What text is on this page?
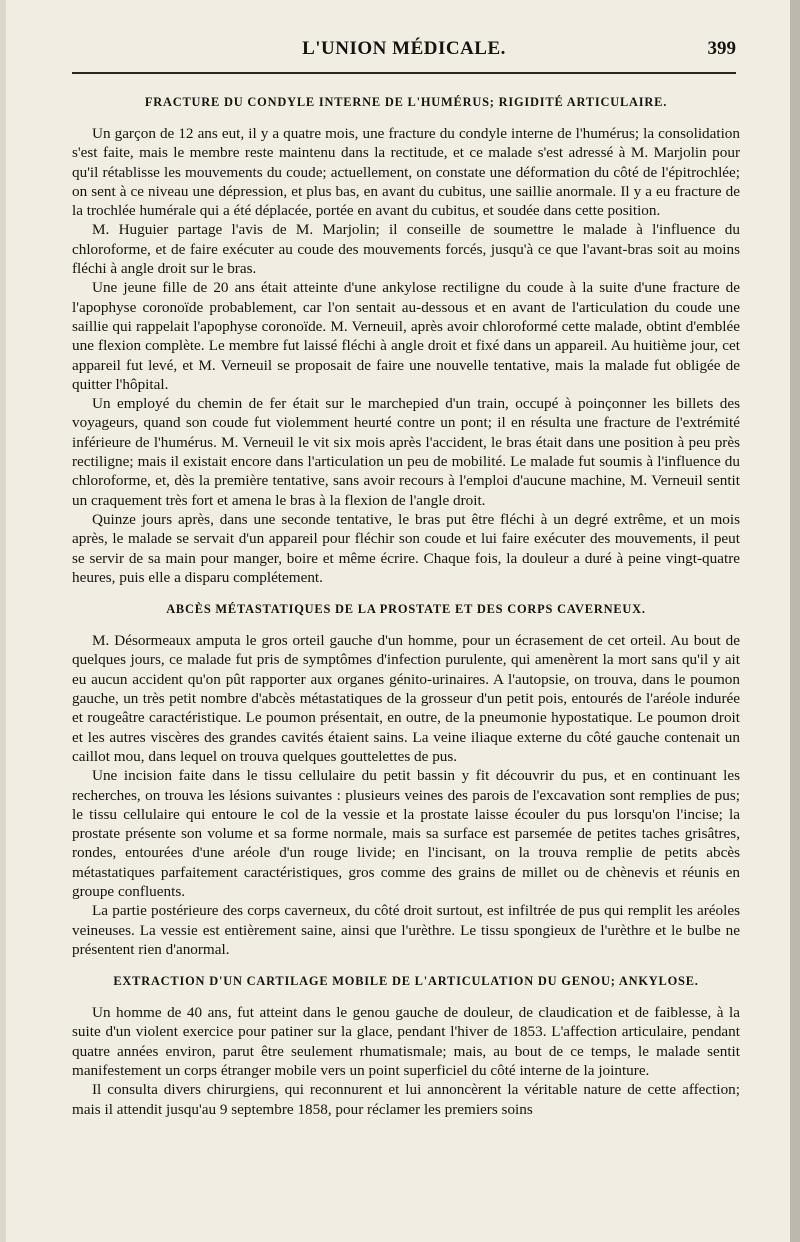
L'UNION MÉDICALE.	399
FRACTURE DU CONDYLE INTERNE DE L'HUMÉRUS; RIGIDITÉ ARTICULAIRE.

Un garçon de 12 ans eut, il y a quatre mois, une fracture du condyle interne de l'humérus; la consolidation s'est faite, mais le membre reste maintenu dans la rectitude, et ce malade s'est adressé à M. Marjolin pour qu'il rétablisse les mouvements du coude; actuellement, on constate une déformation du côté de l'épitrochlée; on sent à ce niveau une dépression, et plus bas, en avant du cubitus, une saillie anormale. Il y a eu fracture de la trochlée humérale qui a été déplacée, portée en avant du cubitus, et soudée dans cette position.

M. Huguier partage l'avis de M. Marjolin; il conseille de soumettre le malade à l'influence du chloroforme, et de faire exécuter au coude des mouvements forcés, jusqu'à ce que l'avant-bras soit au moins fléchi à angle droit sur le bras.

Une jeune fille de 20 ans était atteinte d'une ankylose rectiligne du coude à la suite d'une fracture de l'apophyse coronoïde probablement, car l'on sentait au-dessous et en avant de l'articulation du coude une saillie qui rappelait l'apophyse coronoïde. M. Verneuil, après avoir chloroformé cette malade, obtint d'emblée une flexion complète. Le membre fut laissé fléchi à angle droit et fixé dans un appareil. Au huitième jour, cet appareil fut levé, et M. Verneuil se proposait de faire une nouvelle tentative, mais la malade fut obligée de quitter l'hôpital.

Un employé du chemin de fer était sur le marchepied d'un train, occupé à poinçonner les billets des voyageurs, quand son coude fut violemment heurté contre un pont; il en résulta une fracture de l'extrémité inférieure de l'humérus. M. Verneuil le vit six mois après l'accident, le bras était dans une position à peu près rectiligne; mais il existait encore dans l'articulation un peu de mobilité. Le malade fut soumis à l'influence du chloroforme, et, dès la première tentative, sans avoir recours à l'emploi d'aucune machine, M. Verneuil sentit un craquement très fort et amena le bras à la flexion de l'angle droit.

Quinze jours après, dans une seconde tentative, le bras put être fléchi à un degré extrême, et un mois après, le malade se servait d'un appareil pour fléchir son coude et lui faire exécuter des mouvements, il peut se servir de sa main pour manger, boire et même écrire. Chaque fois, la douleur a duré à peine vingt-quatre heures, puis elle a disparu complétement.

ABCÈS MÉTASTATIQUES DE LA PROSTATE ET DES CORPS CAVERNEUX.

M. Désormeaux amputa le gros orteil gauche d'un homme, pour un écrasement de cet orteil. Au bout de quelques jours, ce malade fut pris de symptômes d'infection purulente, qui amenèrent la mort sans qu'il y ait eu aucun accident qu'on pût rapporter aux organes génito-urinaires. A l'autopsie, on trouva, dans le poumon gauche, un très petit nombre d'abcès métastatiques de la grosseur d'un petit pois, entourés de l'aréole indurée et rougeâtre caractéristique. Le poumon présentait, en outre, de la pneumonie hypostatique. Le poumon droit et les autres viscères des grandes cavités étaient sains. La veine iliaque externe du côté gauche contenait un caillot mou, dans lequel on trouva quelques gouttelettes de pus.

Une incision faite dans le tissu cellulaire du petit bassin y fit découvrir du pus, et en continuant les recherches, on trouva les lésions suivantes : plusieurs veines des parois de l'excavation sont remplies de pus; le tissu cellulaire qui entoure le col de la vessie et la prostate laisse écouler du pus lorsqu'on l'incise; la prostate présente son volume et sa forme normale, mais sa surface est parsemée de petites taches grisâtres, rondes, entourées d'une aréole d'un rouge livide; en l'incisant, on la trouva remplie de petits abcès métastatiques parfaitement caractéristiques, gros comme des grains de millet ou de chènevis et réunis en groupe confluents.

La partie postérieure des corps caverneux, du côté droit surtout, est infiltrée de pus qui remplit les aréoles veineuses. La vessie est entièrement saine, ainsi que l'urèthre. Le tissu spongieux de l'urèthre et le bulbe ne présentent rien d'anormal.

EXTRACTION D'UN CARTILAGE MOBILE DE L'ARTICULATION DU GENOU; ANKYLOSE.

Un homme de 40 ans, fut atteint dans le genou gauche de douleur, de claudication et de faiblesse, à la suite d'un violent exercice pour patiner sur la glace, pendant l'hiver de 1853. L'affection articulaire, pendant quatre années environ, parut être seulement rhumatismale; mais, au bout de ce temps, le malade sentit manifestement un corps étranger mobile vers un point superficiel du côté interne de la jointure.

Il consulta divers chirurgiens, qui reconnurent et lui annoncèrent la véritable nature de cette affection; mais il attendit jusqu'au 9 septembre 1858, pour réclamer les premiers soins
